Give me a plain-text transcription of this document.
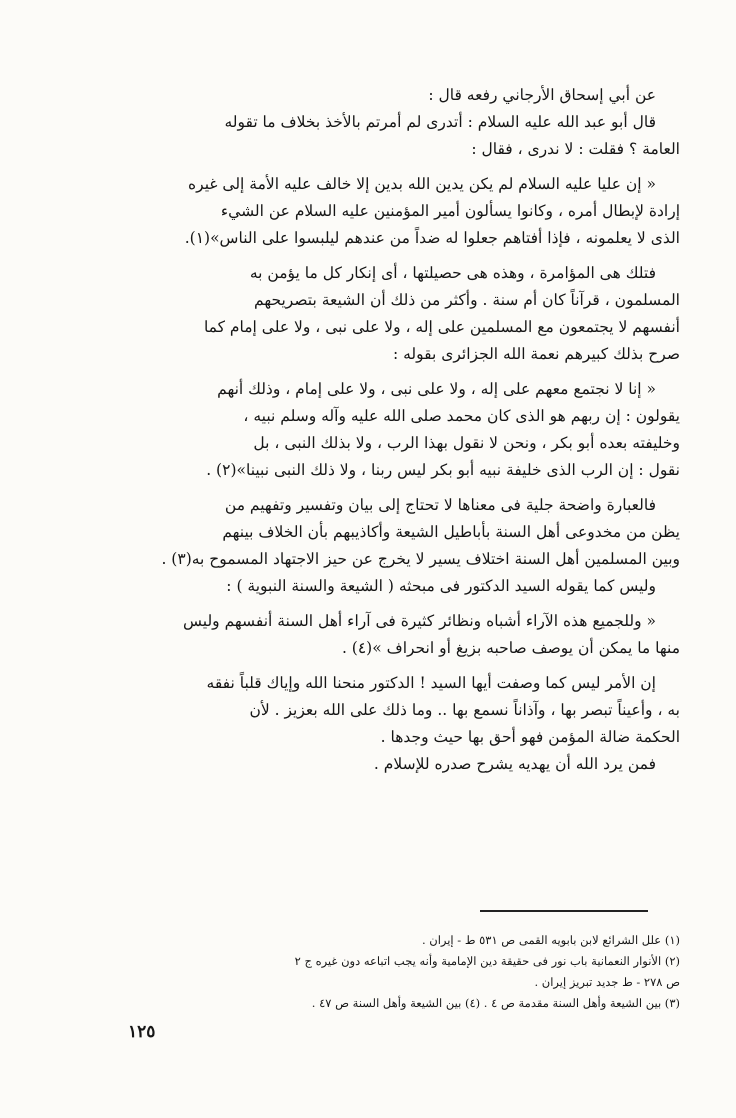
عن أبي إسحاق الأرجاني رفعه قال :
قال أبو عبد الله عليه السلام : أتدرى لم أمرتم بالأخذ بخلاف ما تقوله
العامة ؟ فقلت : لا ندرى ، فقال :
« إن عليا عليه السلام لم يكن يدين الله بدين إلا خالف عليه الأمة إلى غيره
إرادة لإبطال أمره ، وكانوا يسألون أمير المؤمنين عليه السلام عن الشيء
الذى لا يعلمونه ، فإذا أفتاهم جعلوا له ضداً من عندهم ليلبسوا على الناس»(١).
فتلك هى المؤامرة ، وهذه هى حصيلتها ، أى إنكار كل ما يؤمن به
المسلمون ، قرآناً كان أم سنة . وأكثر من ذلك أن الشيعة بتصريحهم
أنفسهم لا يجتمعون مع المسلمين على إله ، ولا على نبى ، ولا على إمام كما
صرح بذلك كبيرهم نعمة الله الجزائرى بقوله :
« إنا لا نجتمع معهم على إله ، ولا على نبى ، ولا على إمام ، وذلك أنهم
يقولون : إن ربهم هو الذى كان محمد صلى الله عليه وآله وسلم نبيه ،
وخليفته بعده أبو بكر ، ونحن لا نقول بهذا الرب ، ولا بذلك النبى ، بل
نقول : إن الرب الذى خليفة نبيه أبو بكر ليس ربنا ، ولا ذلك النبى نبينا»(٢) .
فالعبارة واضحة جلية فى معناها لا تحتاج إلى بيان وتفسير وتفهيم من
يظن من مخدوعى أهل السنة بأباطيل الشيعة وأكاذيبهم بأن الخلاف بينهم
وبين المسلمين أهل السنة اختلاف يسير لا يخرج عن حيز الاجتهاد المسموح به(٣) .
وليس كما يقوله السيد الدكتور فى مبحثه ( الشيعة والسنة النبوية ) :
« وللجميع هذه الآراء أشباه ونظائر كثيرة فى آراء أهل السنة أنفسهم وليس
منها ما يمكن أن يوصف صاحبه بزيغ أو انحراف »(٤) .
إن الأمر ليس كما وصفت أيها السيد ! الدكتور منحنا الله وإياك قلباً نفقه
به ، وأعيناً تبصر بها ، وآذاناً نسمع بها .. وما ذلك على الله بعزيز . لأن
الحكمة ضالة المؤمن فهو أحق بها حيث وجدها .
فمن يرد الله أن يهديه يشرح صدره للإسلام .
(١) علل الشرائع لابن بابويه القمى ص ٥٣١ ط - إيران .
(٢) الأنوار النعمانية باب نور فى حقيقة دين الإمامية وأنه يجب اتباعه دون غيره ج ٢
ص ٢٧٨ - ط جديد تبريز إيران .
(٣) بين الشيعة وأهل السنة مقدمة ص ٤ . (٤) بين الشيعة وأهل السنة ص ٤٧ .
١٢٥
